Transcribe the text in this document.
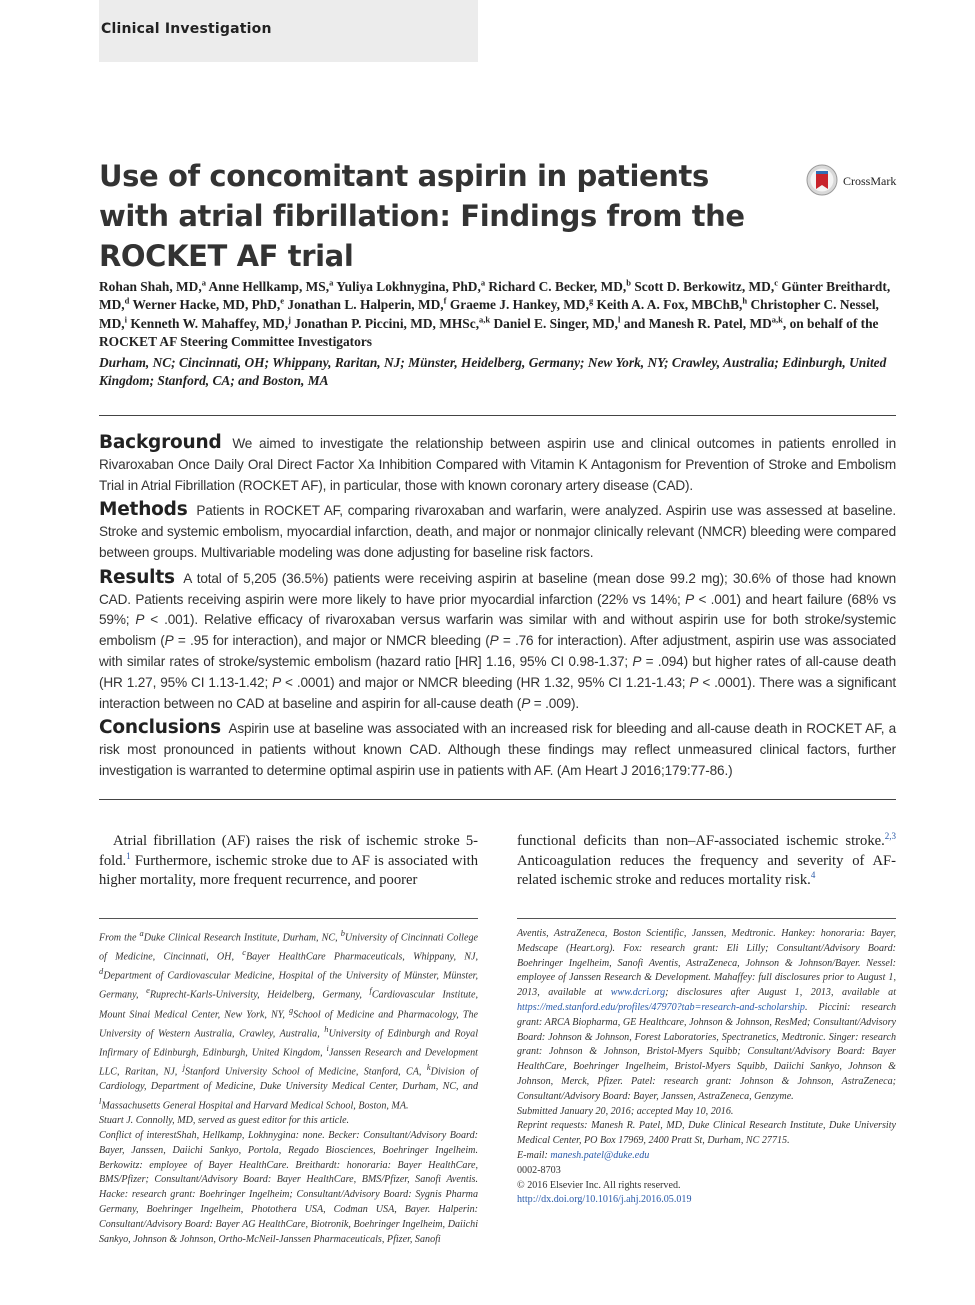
Clinical Investigation
Use of concomitant aspirin in patients with atrial fibrillation: Findings from the ROCKET AF trial
CrossMark
Rohan Shah, MD,$^a$ Anne Hellkamp, MS,$^a$ Yuliya Lokhnygina, PhD,$^a$ Richard C. Becker, MD,$^b$ Scott D. Berkowitz, MD,$^c$ Günter Breithardt, MD,$^d$ Werner Hacke, MD, PhD,$^e$ Jonathan L. Halperin, MD,$^f$ Graeme J. Hankey, MD,$^g$ Keith A. A. Fox, MBChB,$^h$ Christopher C. Nessel, MD,$^i$ Kenneth W. Mahaffey, MD,$^j$ Jonathan P. Piccini, MD, MHSc,$^{a,k}$ Daniel E. Singer, MD,$^l$ and Manesh R. Patel, MD$^{a,k}$, on behalf of the ROCKET AF Steering Committee Investigators
Durham, NC; Cincinnati, OH; Whippany, Raritan, NJ; Münster, Heidelberg, Germany; New York, NY; Crawley, Australia; Edinburgh, United Kingdom; Stanford, CA; and Boston, MA

Background We aimed to investigate the relationship between aspirin use and clinical outcomes in patients enrolled in Rivaroxaban Once Daily Oral Direct Factor Xa Inhibition Compared with Vitamin K Antagonism for Prevention of Stroke and Embolism Trial in Atrial Fibrillation (ROCKET AF), in particular, those with known coronary artery disease (CAD).

Methods Patients in ROCKET AF, comparing rivaroxaban and warfarin, were analyzed. Aspirin use was assessed at baseline. Stroke and systemic embolism, myocardial infarction, death, and major or nonmajor clinically relevant (NMCR) bleeding were compared between groups. Multivariable modeling was done adjusting for baseline risk factors.

Results A total of 5,205 (36.5%) patients were receiving aspirin at baseline (mean dose 99.2 mg); 30.6% of those had known CAD. Patients receiving aspirin were more likely to have prior myocardial infarction (22% vs 14%; P < .001) and heart failure (68% vs 59%; P < .001). Relative efficacy of rivaroxaban versus warfarin was similar with and without aspirin use for both stroke/systemic embolism (P = .95 for interaction), and major or NMCR bleeding (P = .76 for interaction). After adjustment, aspirin use was associated with similar rates of stroke/systemic embolism (hazard ratio [HR] 1.16, 95% CI 0.98-1.37; P = .094) but higher rates of all-cause death (HR 1.27, 95% CI 1.13-1.42; P < .0001) and major or NMCR bleeding (HR 1.32, 95% CI 1.21-1.43; P < .0001). There was a significant interaction between no CAD at baseline and aspirin for all-cause death (P = .009).

Conclusions Aspirin use at baseline was associated with an increased risk for bleeding and all-cause death in ROCKET AF, a risk most pronounced in patients without known CAD. Although these findings may reflect unmeasured clinical factors, further investigation is warranted to determine optimal aspirin use in patients with AF. (Am Heart J 2016;179:77-86.)

Atrial fibrillation (AF) raises the risk of ischemic stroke 5-fold.$^1$ Furthermore, ischemic stroke due to AF is associated with higher mortality, more frequent recurrence, and poorer

functional deficits than non–AF-associated ischemic stroke.$^{2,3}$ Anticoagulation reduces the frequency and severity of AF-related ischemic stroke and reduces mortality risk.$^4$

From the $^a$Duke Clinical Research Institute, Durham, NC, $^b$University of Cincinnati College of Medicine, Cincinnati, OH, $^c$Bayer HealthCare Pharmaceuticals, Whippany, NJ, $^d$Department of Cardiovascular Medicine, Hospital of the University of Münster, Münster, Germany, $^e$Ruprecht-Karls-University, Heidelberg, Germany, $^f$Cardiovascular Institute, Mount Sinai Medical Center, New York, NY, $^g$School of Medicine and Pharmacology, The University of Western Australia, Crawley, Australia, $^h$University of Edinburgh and Royal Infirmary of Edinburgh, Edinburgh, United Kingdom, $^i$Janssen Research and Development LLC, Raritan, NJ, $^j$Stanford University School of Medicine, Stanford, CA, $^k$Division of Cardiology, Department of Medicine, Duke University Medical Center, Durham, NC, and $^l$Massachusetts General Hospital and Harvard Medical School, Boston, MA.

Stuart J. Connolly, MD, served as guest editor for this article.

Conflict of interestShah, Hellkamp, Lokhnygina: none. Becker: Consultant/Advisory Board: Bayer, Janssen, Daiichi Sankyo, Portola, Regado Biosciences, Boehringer Ingelheim. Berkowitz: employee of Bayer HealthCare. Breithardt: honoraria: Bayer HealthCare, BMS/Pfizer; Consultant/Advisory Board: Bayer HealthCare, BMS/Pfizer, Sanofi Aventis. Hacke: research grant: Boehringer Ingelheim; Consultant/Advisory Board: Sygnis Pharma Germany, Boehringer Ingelheim, Photothera USA, Codman USA, Bayer. Halperin: Consultant/Advisory Board: Bayer AG HealthCare, Biotronik, Boehringer Ingelheim, Daiichi Sankyo, Johnson & Johnson, Ortho-McNeil-Janssen Pharmaceuticals, Pfizer, Sanofi

Aventis, AstraZeneca, Boston Scientific, Janssen, Medtronic. Hankey: honoraria: Bayer, Medscape (Heart.org). Fox: research grant: Eli Lilly; Consultant/Advisory Board: Boehringer Ingelheim, Sanofi Aventis, AstraZeneca, Johnson & Johnson/Bayer. Nessel: employee of Janssen Research & Development. Mahaffey: full disclosures prior to August 1, 2013, available at www.dcri.org; disclosures after August 1, 2013, available at https://med.stanford.edu/profiles/47970?tab=research-and-scholarship. Piccini: research grant: ARCA Biopharma, GE Healthcare, Johnson & Johnson, ResMed; Consultant/Advisory Board: Johnson & Johnson, Forest Laboratories, Spectranetics, Medtronic. Singer: research grant: Johnson & Johnson, Bristol-Myers Squibb; Consultant/Advisory Board: Bayer HealthCare, Boehringer Ingelheim, Bristol-Myers Squibb, Daiichi Sankyo, Johnson & Johnson, Merck, Pfizer. Patel: research grant: Johnson & Johnson, AstraZeneca; Consultant/Advisory Board: Bayer, Janssen, AstraZeneca, Genzyme.

Submitted January 20, 2016; accepted May 10, 2016.

Reprint requests: Manesh R. Patel, MD, Duke Clinical Research Institute, Duke University Medical Center, PO Box 17969, 2400 Pratt St, Durham, NC 27715.

E-mail: manesh.patel@duke.edu

0002-8703

© 2016 Elsevier Inc. All rights reserved.

http://dx.doi.org/10.1016/j.ahj.2016.05.019
